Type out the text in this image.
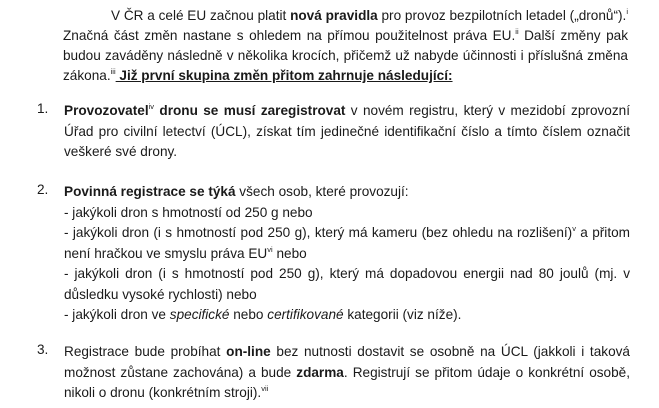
V ČR a celé EU začnou platit nová pravidla pro provoz bezpilotních letadel („dronů“).$^i$ Značná část změn nastane s ohledem na přímou použitelnost práva EU.$^{ii}$ Další změny pak budou zaváděny následně v několika krocích, přičemž už nabyde účinnosti i příslušná změna zákona.$^{iii}$ Již první skupina změn přitom zahrnuje následující:

1. Provozovatel$^{iv}$ dronu se musí zaregistrovat v novém registru, který v mezidobí zprovozní Úřad pro civilní letectví (ÚCL), získat tím jedinečné identifikační číslo a tímto číslem označit veškeré své drony.
2. Povinná registrace se týká všech osob, které provozují:

- jakýkoli dron s hmotností od 250 g nebo

- jakýkoli dron (i s hmotností pod 250 g), který má kameru (bez ohledu na rozlišení)$^v$ a přitom není hračkou ve smyslu práva EU$^{vi}$ nebo

- jakýkoli dron (i s hmotností pod 250 g), který má dopadovou energii nad 80 joulů (mj. v důsledku vysoké rychlosti) nebo

- jakýkoli dron ve specifické nebo certifikované kategorii (viz níže).

3. Registrace bude probíhat on-line bez nutnosti dostavit se osobně na ÚCL (jakkoli i taková možnost zůstane zachována) a bude zdarma. Registrují se přitom údaje o konkrétní osobě, nikoli o dronu (konkrétním stroji).$^{vii}$
